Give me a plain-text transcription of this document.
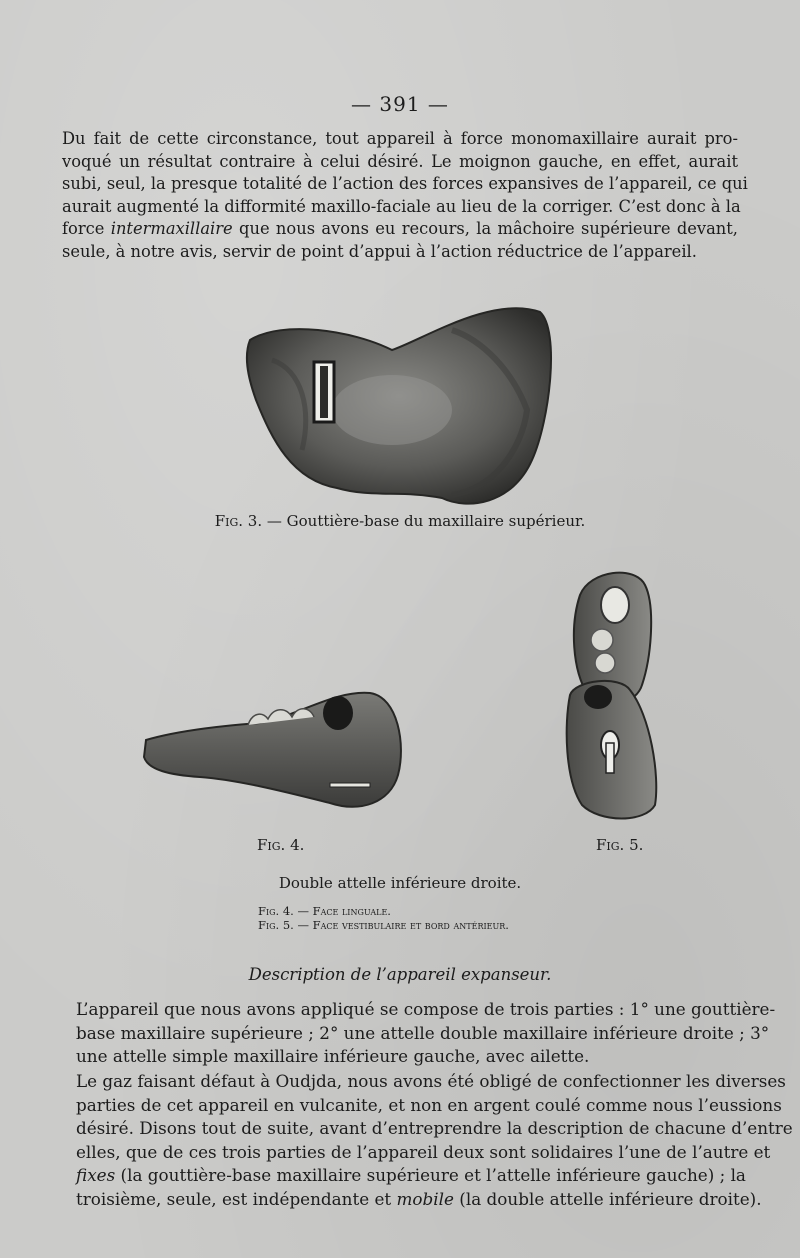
— 391 —

Du fait de cette circonstance, tout appareil à force monomaxillaire aurait pro-
voqué un résultat contraire à celui désiré. Le moignon gauche, en effet, aurait
subi, seul, la presque totalité de l’action des forces expansives de l’appareil, ce qui
aurait augmenté la difformité maxillo-faciale au lieu de la corriger. C’est donc à la
force intermaxillaire que nous avons eu recours, la mâchoire supérieure devant,
seule, à notre avis, servir de point d’appui à l’action réductrice de l’appareil.

Fig. 3. — Gouttière-base du maxillaire supérieur.
Fig. 4.	Fig. 5.
Double attelle inférieure droite.
Fig. 4. — Face linguale.
Fig. 5. — Face vestibulaire et bord antérieur.
Description de l’appareil expanseur.

L’appareil que nous avons appliqué se compose de trois parties : 1° une gouttière-
base maxillaire supérieure ; 2° une attelle double maxillaire inférieure droite ; 3°
une attelle simple maxillaire inférieure gauche, avec ailette.

Le gaz faisant défaut à Oudjda, nous avons été obligé de confectionner les diverses
parties de cet appareil en vulcanite, et non en argent coulé comme nous l’eussions
désiré. Disons tout de suite, avant d’entreprendre la description de chacune d’entre
elles, que de ces trois parties de l’appareil deux sont solidaires l’une de l’autre et
fixes (la gouttière-base maxillaire supérieure et l’attelle inférieure gauche) ; la
troisième, seule, est indépendante et mobile (la double attelle inférieure droite).
